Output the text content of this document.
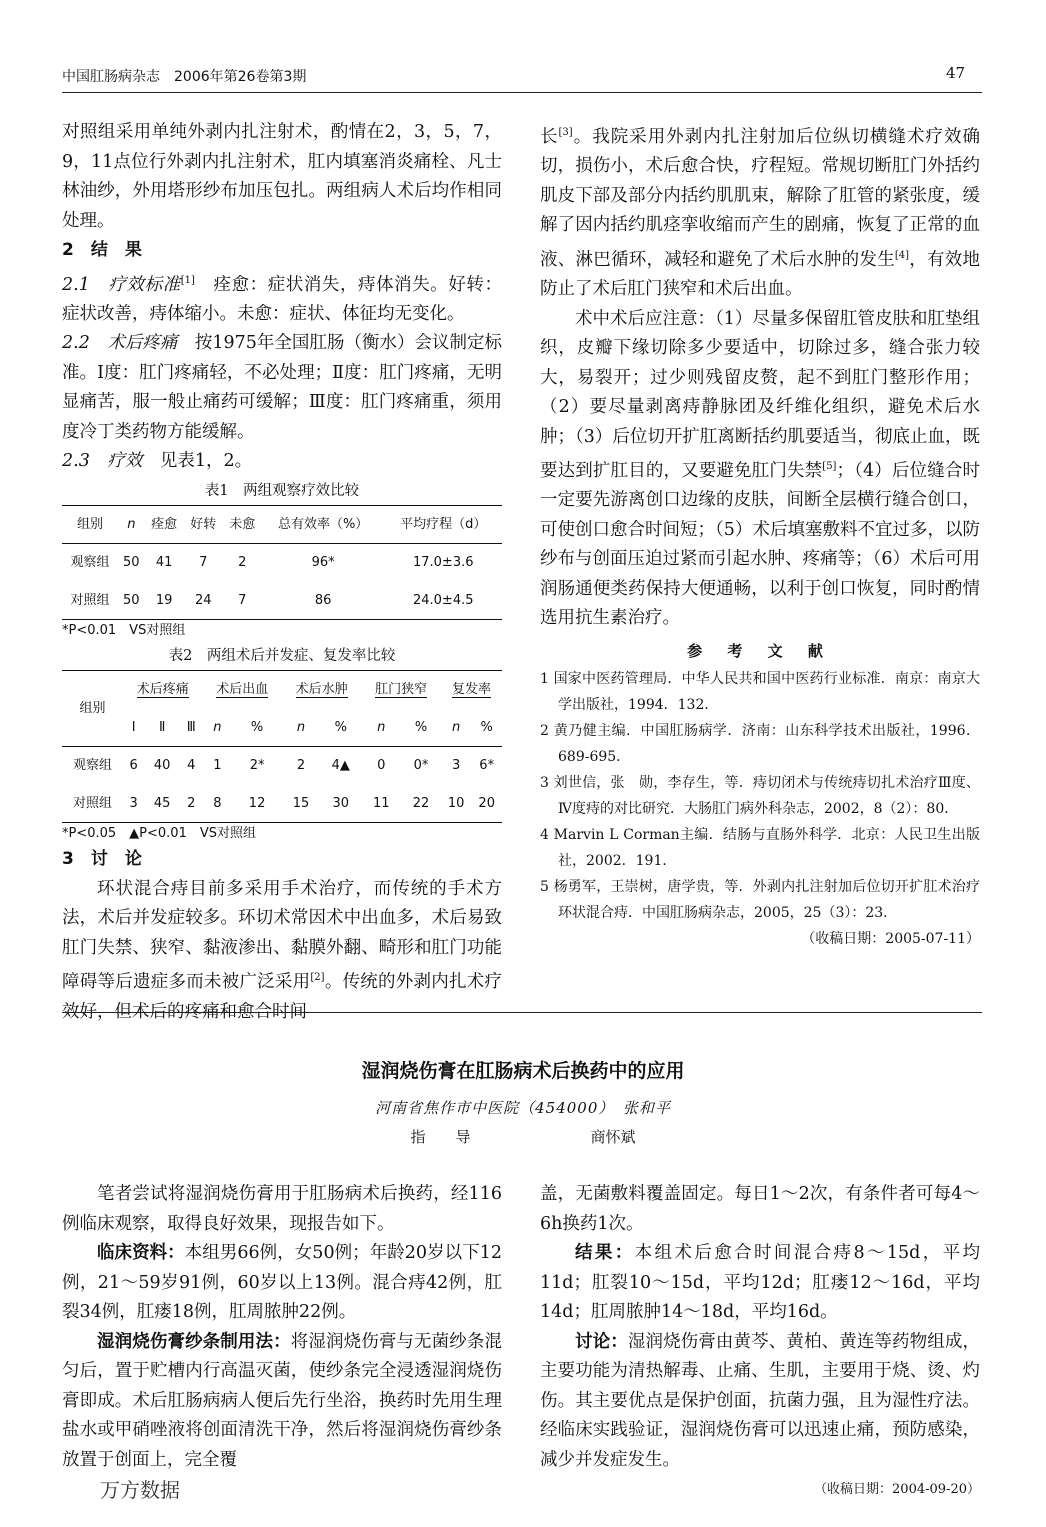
中国肛肠病杂志　2006年第26卷第3期	47

对照组采用单纯外剥内扎注射术，酌情在2，3，5，7，9，11点位行外剥内扎注射术，肛内填塞消炎痛栓、凡士林油纱，外用塔形纱布加压包扎。两组病人术后均作相同处理。

2　结　果

2.1　疗效标准[1]　痊愈：症状消失，痔体消失。好转：症状改善，痔体缩小。未愈：症状、体征均无变化。

2.2　术后疼痛　按1975年全国肛肠（衡水）会议制定标准。Ⅰ度：肛门疼痛轻，不必处理；Ⅱ度：肛门疼痛，无明显痛苦，服一般止痛药可缓解；Ⅲ度：肛门疼痛重，须用度冷丁类药物方能缓解。

2.3　疗效　见表1，2。

表1　两组观察疗效比较
组别	n	痊愈	好转	未愈	总有效率（%）	平均疗程（d）
观察组	50	41	7	2	96*	17.0±3.6
对照组	50	19	24	7	86	24.0±4.5
*P<0.01　VS对照组
表2　两组术后并发症、复发率比较
组别	术后疼痛			术后出血		术后水肿		肛门狭窄		复发率	
	Ⅰ	Ⅱ	Ⅲ	n	%	n	%	n	%	n	%
观察组	6	40	4	1	2*	2	4▲	0	0*	3	6*
对照组	3	45	2	8	12	15	30	11	22	10	20
*P<0.05　▲P<0.01　VS对照组
3　讨　论

环状混合痔目前多采用手术治疗，而传统的手术方法，术后并发症较多。环切术常因术中出血多，术后易致肛门失禁、狭窄、黏液渗出、黏膜外翻、畸形和肛门功能障碍等后遗症多而未被广泛采用[2]。传统的外剥内扎术疗效好，但术后的疼痛和愈合时间

长[3]。我院采用外剥内扎注射加后位纵切横缝术疗效确切，损伤小，术后愈合快，疗程短。常规切断肛门外括约肌皮下部及部分内括约肌肌束，解除了肛管的紧张度，缓解了因内括约肌痉挛收缩而产生的剧痛，恢复了正常的血液、淋巴循环，减轻和避免了术后水肿的发生[4]，有效地防止了术后肛门狭窄和术后出血。

术中术后应注意：（1）尽量多保留肛管皮肤和肛垫组织，皮瓣下缘切除多少要适中，切除过多，缝合张力较大，易裂开；过少则残留皮赘，起不到肛门整形作用；（2）要尽量剥离痔静脉团及纤维化组织，避免术后水肿；（3）后位切开扩肛离断括约肌要适当，彻底止血，既要达到扩肛目的，又要避免肛门失禁[5]；（4）后位缝合时一定要先游离创口边缘的皮肤，间断全层横行缝合创口，可使创口愈合时间短；（5）术后填塞敷料不宜过多，以防纱布与创面压迫过紧而引起水肿、疼痛等；（6）术后可用润肠通便类药保持大便通畅，以利于创口恢复，同时酌情选用抗生素治疗。

参 考 文 献
1 国家中医药管理局．中华人民共和国中医药行业标准．南京：南京大学出版社，1994．132．
2 黄乃健主编．中国肛肠病学．济南：山东科学技术出版社，1996．689-695．
3 刘世信，张　勋，李存生，等．痔切闭术与传统痔切扎术治疗Ⅲ度、Ⅳ度痔的对比研究．大肠肛门病外科杂志，2002，8（2）：80．
4 Marvin L Corman主编．结肠与直肠外科学．北京：人民卫生出版社，2002．191．
5 杨勇军，王崇树，唐学贵，等．外剥内扎注射加后位切开扩肛术治疗环状混合痔．中国肛肠病杂志，2005，25（3）：23．
（收稿日期：2005-07-11）
湿润烧伤膏在肛肠病术后换药中的应用
河南省焦作市中医院（454000）　张和平
指　　导　　　　　　　　商怀斌

笔者尝试将湿润烧伤膏用于肛肠病术后换药，经116例临床观察，取得良好效果，现报告如下。

临床资料：本组男66例，女50例；年龄20岁以下12例，21～59岁91例，60岁以上13例。混合痔42例，肛裂34例，肛瘘18例，肛周脓肿22例。

湿润烧伤膏纱条制用法：将湿润烧伤膏与无菌纱条混匀后，置于贮槽内行高温灭菌，使纱条完全浸透湿润烧伤膏即成。术后肛肠病病人便后先行坐浴，换药时先用生理盐水或甲硝唑液将创面清洗干净，然后将湿润烧伤膏纱条放置于创面上，完全覆

盖，无菌敷料覆盖固定。每日1～2次，有条件者可每4～6h换药1次。

结果：本组术后愈合时间混合痔8～15d，平均11d；肛裂10～15d，平均12d；肛瘘12～16d，平均14d；肛周脓肿14～18d，平均16d。

讨论：湿润烧伤膏由黄芩、黄柏、黄连等药物组成，主要功能为清热解毒、止痛、生肌，主要用于烧、烫、灼伤。其主要优点是保护创面，抗菌力强，且为湿性疗法。经临床实践验证，湿润烧伤膏可以迅速止痛，预防感染，减少并发症发生。

（收稿日期：2004-09-20）
万方数据
